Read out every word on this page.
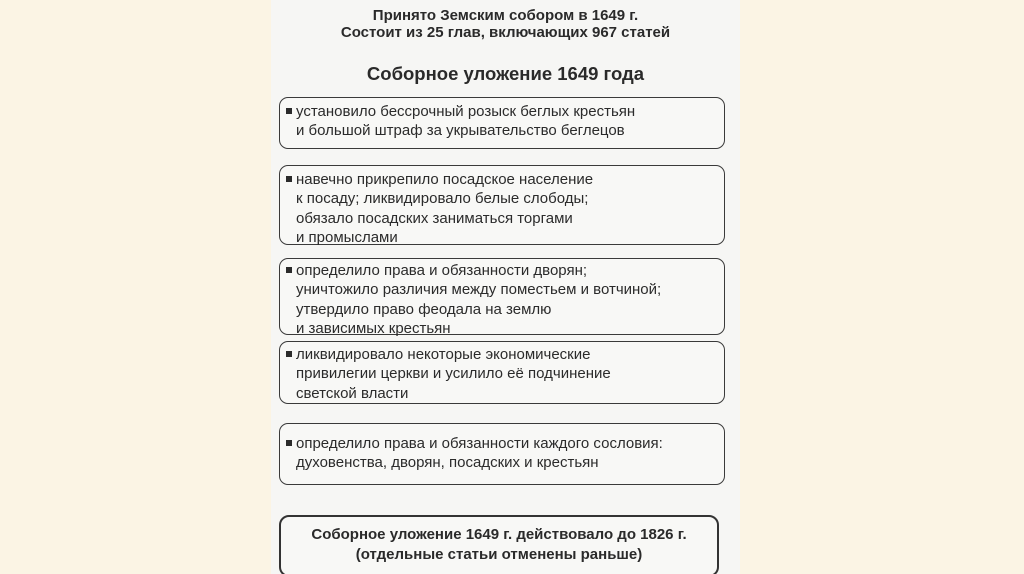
Принято Земским собором в 1649 г.
Состоит из 25 глав, включающих 967 статей
Соборное уложение 1649 года
установило бессрочный розыск беглых крестьян
и большой штраф за укрывательство беглецов
навечно прикрепило посадское население
к посаду; ликвидировало белые слободы;
обязало посадских заниматься торгами
и промыслами
определило права и обязанности дворян;
уничтожило различия между поместьем и вотчиной;
утвердило право феодала на землю
и зависимых крестьян
ликвидировало некоторые экономические
привилегии церкви и усилило её подчинение
светской власти
определило права и обязанности каждого сословия:
духовенства, дворян, посадских и крестьян
Соборное уложение 1649 г. действовало до 1826 г.
(отдельные статьи отменены раньше)
